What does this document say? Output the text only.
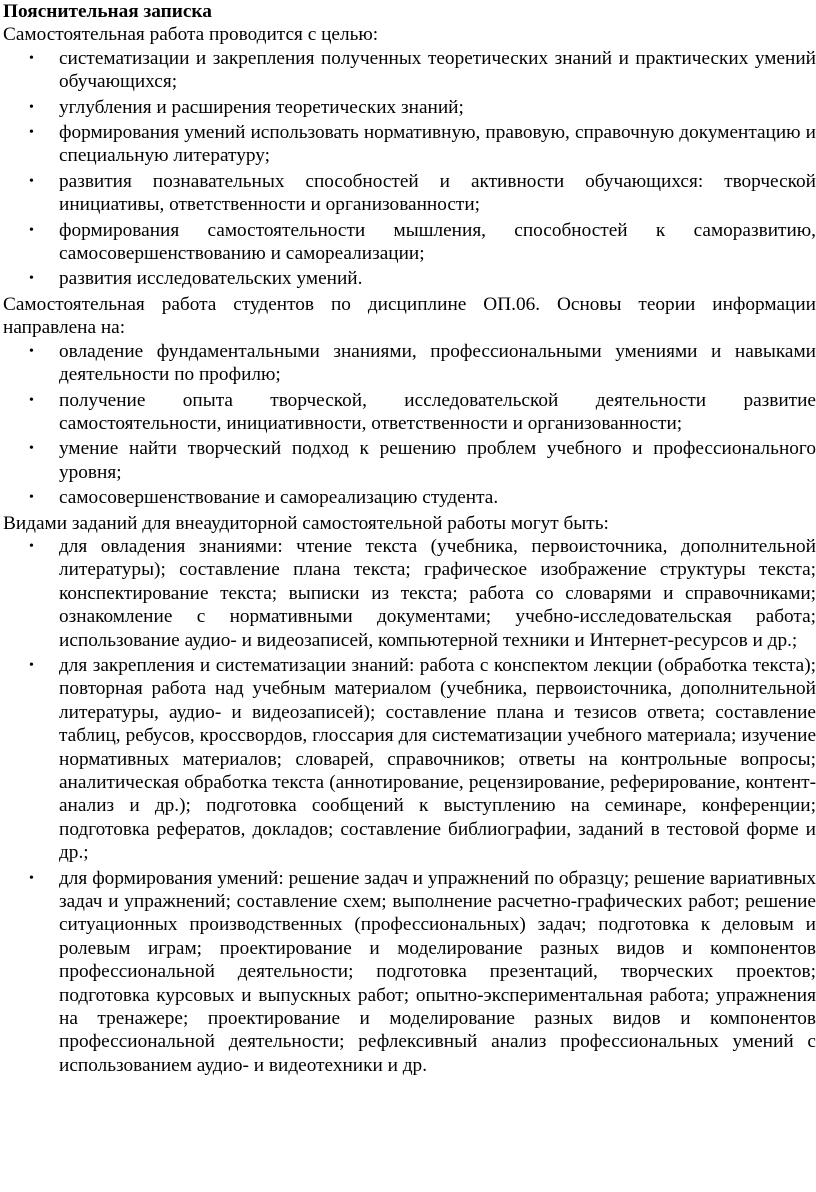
Пояснительная записка

Самостоятельная работа проводится с целью:

• систематизации и закрепления полученных теоретических знаний и практических умений обучающихся;
• углубления и расширения теоретических знаний;
• формирования умений использовать нормативную, правовую, справочную документацию и специальную литературу;
• развития познавательных способностей и активности обучающихся: творческой инициативы, ответственности и организованности;
• формирования самостоятельности мышления, способностей к саморазвитию, самосовершенствованию и самореализации;
• развития исследовательских умений.

Самостоятельная работа студентов по дисциплине ОП.06. Основы теории информации направлена на:

• овладение фундаментальными знаниями, профессиональными умениями и навыками деятельности по профилю;
• получение опыта творческой, исследовательской деятельности развитие самостоятельности, инициативности, ответственности и организованности;
• умение найти творческий подход к решению проблем учебного и профессионального уровня;
• самосовершенствование и самореализацию студента.

Видами заданий для внеаудиторной самостоятельной работы могут быть:

• для овладения знаниями: чтение текста (учебника, первоисточника, дополнительной литературы); составление плана текста; графическое изображение структуры текста; конспектирование текста; выписки из текста; работа со словарями и справочниками; ознакомление с нормативными документами; учебно-исследовательская работа; использование аудио- и видеозаписей, компьютерной техники и Интернет-ресурсов и др.;
• для закрепления и систематизации знаний: работа с конспектом лекции (обработка текста); повторная работа над учебным материалом (учебника, первоисточника, дополнительной литературы, аудио- и видеозаписей); составление плана и тезисов ответа; составление таблиц, ребусов, кроссвордов, глоссария для систематизации учебного материала; изучение нормативных материалов; словарей, справочников; ответы на контрольные вопросы; аналитическая обработка текста (аннотирование, рецензирование, реферирование, контент-анализ и др.); подготовка сообщений к выступлению на семинаре, конференции; подготовка рефератов, докладов; составление библиографии, заданий в тестовой форме и др.;
• для формирования умений: решение задач и упражнений по образцу; решение вариативных задач и упражнений; составление схем; выполнение расчетно-графических работ; решение ситуационных производственных (профессиональных) задач; подготовка к деловым и ролевым играм; проектирование и моделирование разных видов и компонентов профессиональной деятельности; подготовка презентаций, творческих проектов; подготовка курсовых и выпускных работ; опытно-экспериментальная работа; упражнения на тренажере; проектирование и моделирование разных видов и компонентов профессиональной деятельности; рефлексивный анализ профессиональных умений с использованием аудио- и видеотехники и др.
